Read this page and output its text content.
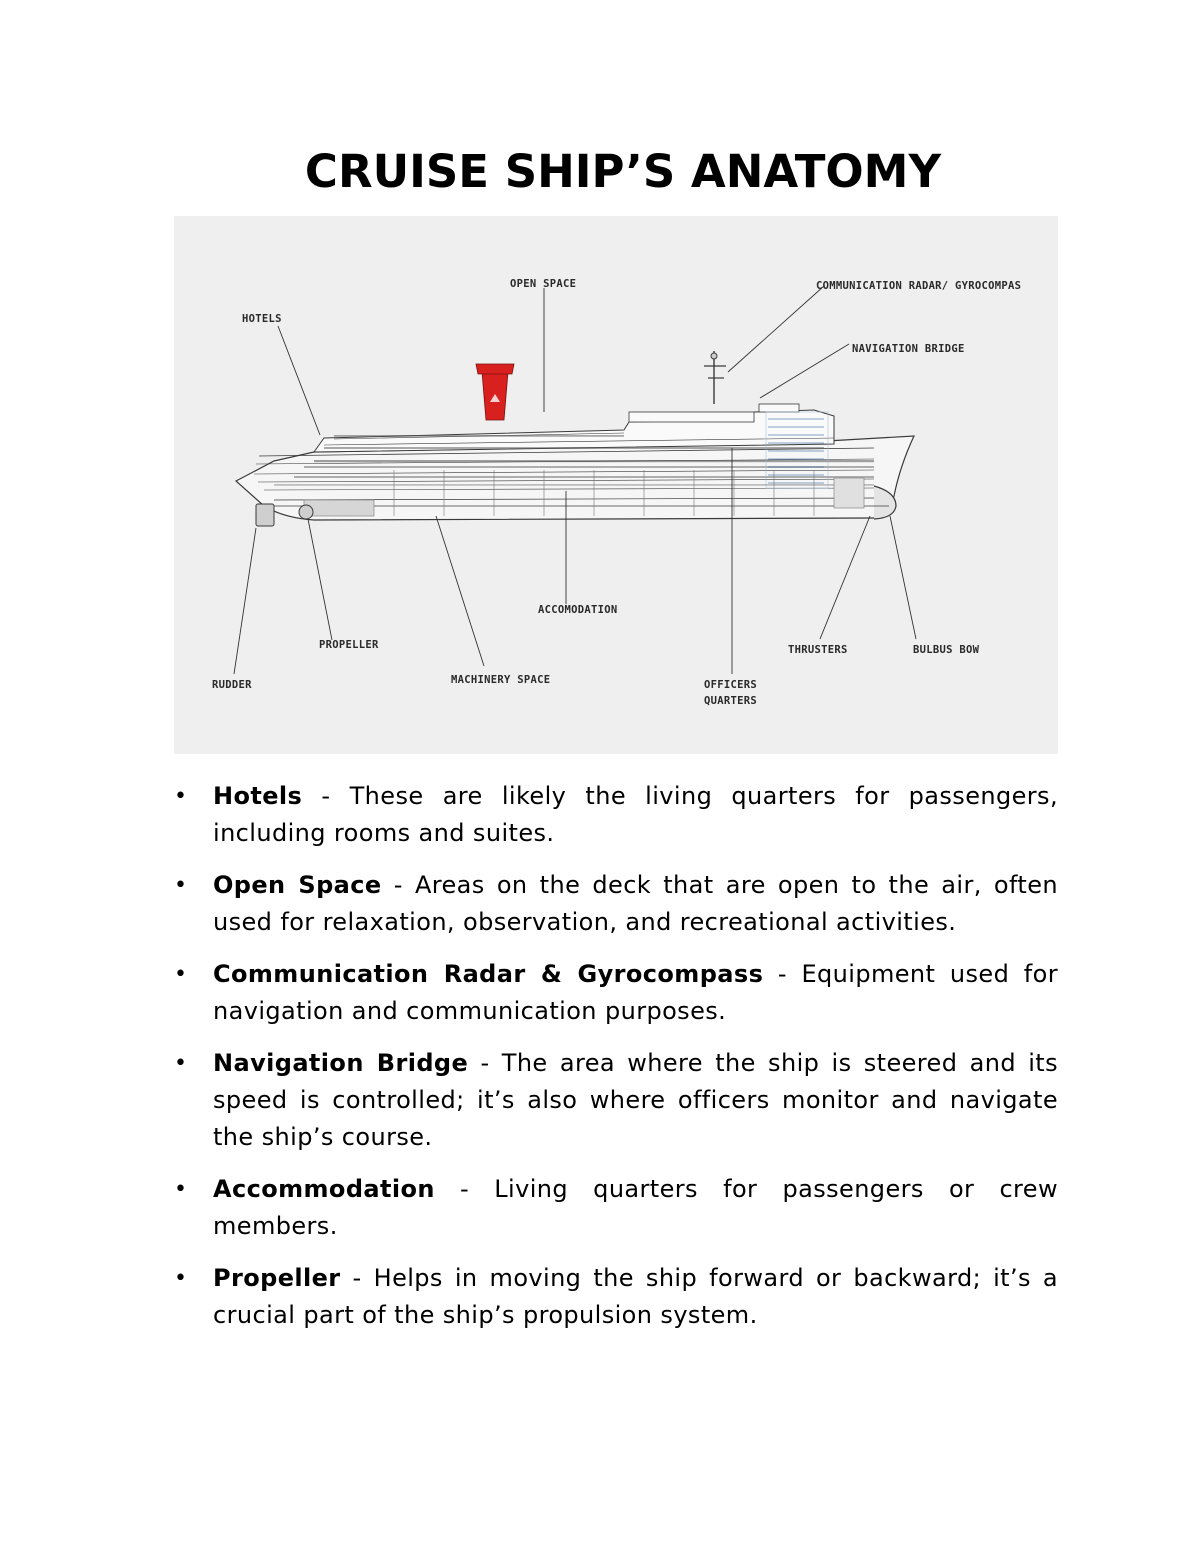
CRUISE SHIP’S ANATOMY
OPEN SPACE	COMMUNICATION RADAR/ GYROCOMPAS
HOTELS
NAVIGATION BRIDGE
ACCOMODATION
PROPELLER	THRUSTERS	BULBUS BOW
RUDDER	MACHINERY SPACE	OFFICERS
QUARTERS
• Hotels - These are likely the living quarters for passengers, including rooms and suites.
• Open Space - Areas on the deck that are open to the air, often used for relaxation, observation, and recreational activities.
• Communication Radar & Gyrocompass - Equipment used for navigation and communication purposes.
• Navigation Bridge - The area where the ship is steered and its speed is controlled; it’s also where officers monitor and navigate the ship’s course.
• Accommodation - Living quarters for passengers or crew members.
• Propeller - Helps in moving the ship forward or backward; it’s a crucial part of the ship’s propulsion system.
